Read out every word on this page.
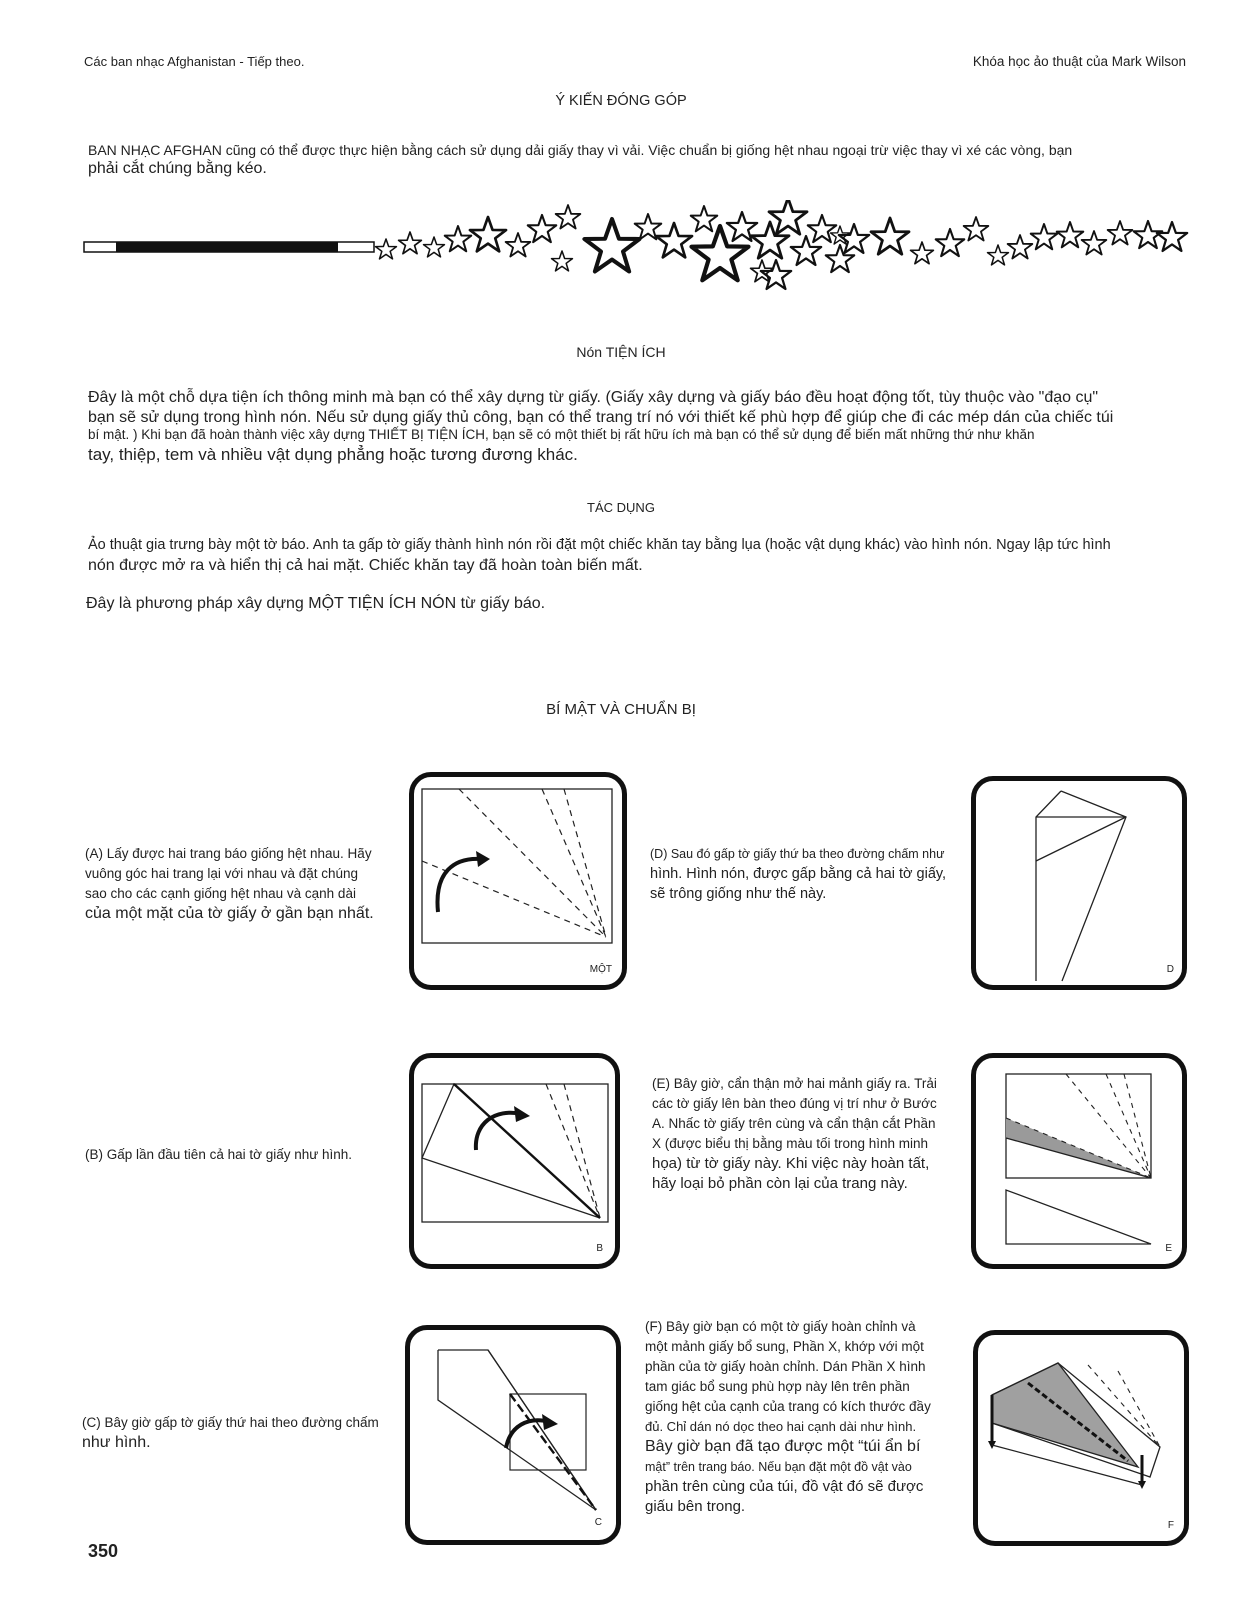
Các ban nhạc Afghanistan - Tiếp theo.	Khóa học ảo thuật của Mark Wilson
Ý KIẾN ĐÓNG GÓP
BAN NHẠC AFGHAN cũng có thể được thực hiện bằng cách sử dụng dải giấy thay vì vải. Việc chuẩn bị giống hệt nhau ngoại trừ việc thay vì xé các vòng, bạn
phải cắt chúng bằng kéo.
Nón TIỆN ÍCH
Đây là một chỗ dựa tiện ích thông minh mà bạn có thể xây dựng từ giấy. (Giấy xây dựng và giấy báo đều hoạt động tốt, tùy thuộc vào "đạo cụ"
bạn sẽ sử dụng trong hình nón. Nếu sử dụng giấy thủ công, bạn có thể trang trí nó với thiết kế phù hợp để giúp che đi các mép dán của chiếc túi
bí mật. ) Khi bạn đã hoàn thành việc xây dựng THIẾT BỊ TIỆN ÍCH, bạn sẽ có một thiết bị rất hữu ích mà bạn có thể sử dụng để biến mất những thứ như khăn
tay, thiệp, tem và nhiều vật dụng phẳng hoặc tương đương khác.
TÁC DỤNG
Ảo thuật gia trưng bày một tờ báo. Anh ta gấp tờ giấy thành hình nón rồi đặt một chiếc khăn tay bằng lụa (hoặc vật dụng khác) vào hình nón. Ngay lập tức hình
nón được mở ra và hiển thị cả hai mặt. Chiếc khăn tay đã hoàn toàn biến mất.
Đây là phương pháp xây dựng MỘT TIỆN ÍCH NÓN từ giấy báo.
BÍ MẬT VÀ CHUẨN BỊ
(A) Lấy được hai trang báo giống hệt nhau. Hãy
vuông góc hai trang lại với nhau và đặt chúng
sao cho các cạnh giống hệt nhau và cạnh dài
của một mặt của tờ giấy ở gần bạn nhất.
MỘT
(D) Sau đó gấp tờ giấy thứ ba theo đường chấm như
hình. Hình nón, được gấp bằng cả hai tờ giấy,
sẽ trông giống như thế này.
D
(B) Gấp lần đầu tiên cả hai tờ giấy như hình.
B
(E) Bây giờ, cẩn thận mở hai mảnh giấy ra. Trải
các tờ giấy lên bàn theo đúng vị trí như ở Bước
A. Nhấc tờ giấy trên cùng và cẩn thận cắt Phần
X (được biểu thị bằng màu tối trong hình minh
họa) từ tờ giấy này. Khi việc này hoàn tất,
hãy loại bỏ phần còn lại của trang này.
E
(C) Bây giờ gấp tờ giấy thứ hai theo đường chấm
như hình.
C
(F) Bây giờ bạn có một tờ giấy hoàn chỉnh và
một mảnh giấy bổ sung, Phần X, khớp với một
phần của tờ giấy hoàn chỉnh. Dán Phần X hình
tam giác bổ sung phù hợp này lên trên phần
giống hệt của cạnh của trang có kích thước đầy
đủ. Chỉ dán nó dọc theo hai cạnh dài như hình.
Bây giờ bạn đã tạo được một “túi ẩn bí
mật” trên trang báo. Nếu bạn đặt một đồ vật vào
phần trên cùng của túi, đồ vật đó sẽ được
giấu bên trong.
F
350
